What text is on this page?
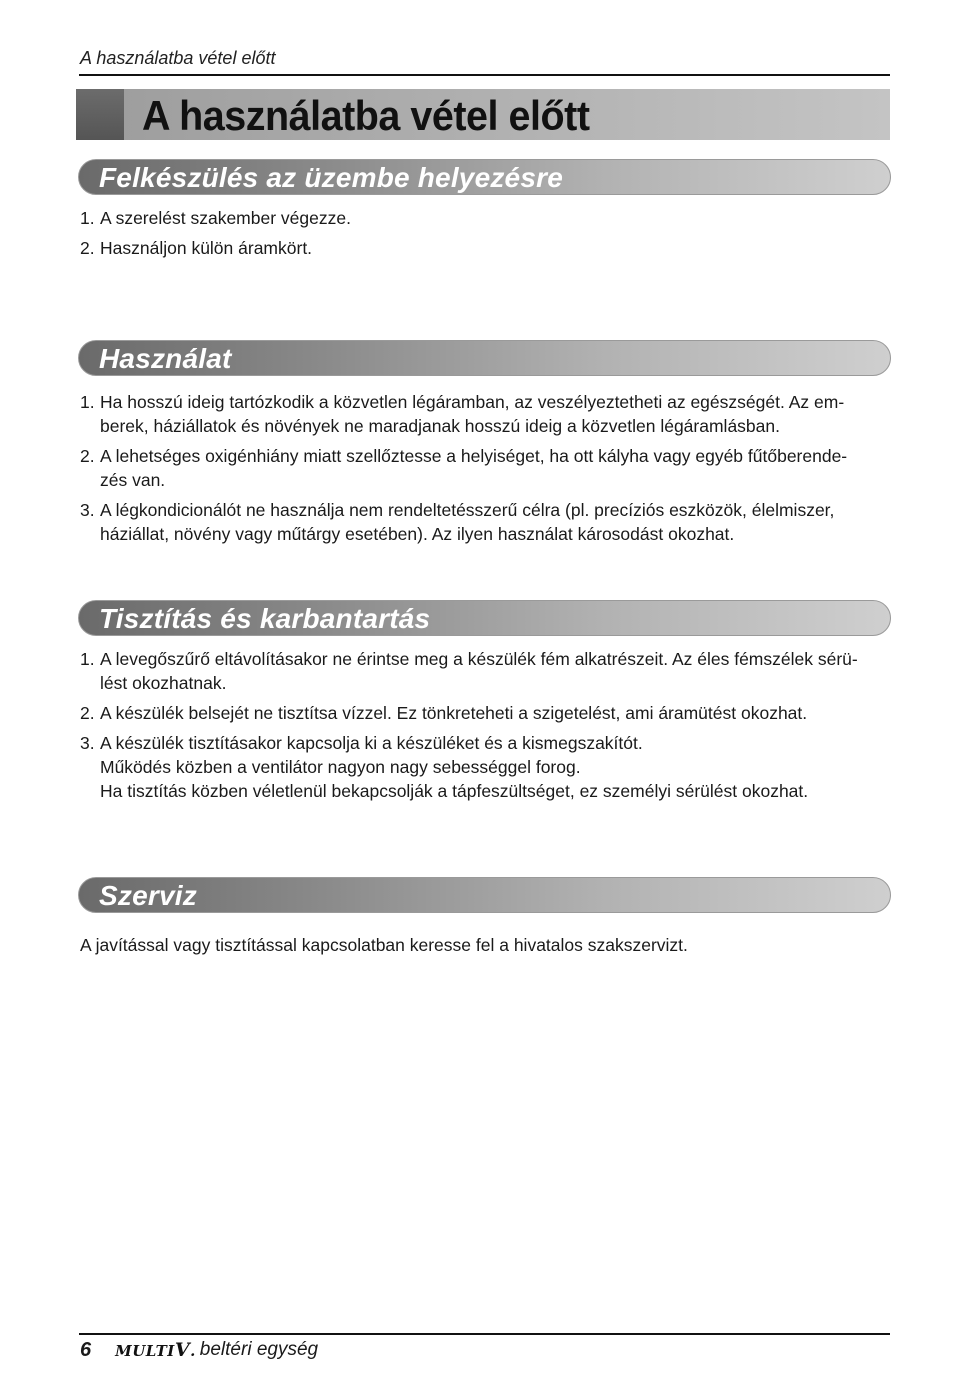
A használatba vétel előtt
A használatba vétel előtt
Felkészülés az üzembe helyezésre
1. A szerelést szakember végezze.
2. Használjon külön áramkört.
Használat
1. Ha hosszú ideig tartózkodik a közvetlen légáramban, az veszélyeztetheti az egészségét. Az em-
berek, háziállatok és növények ne maradjanak hosszú ideig a közvetlen légáramlásban.
2. A lehetséges oxigénhiány miatt szellőztesse a helyiséget, ha ott kályha vagy egyéb fűtőberende-
zés van.
3. A légkondicionálót ne használja nem rendeltetésszerű célra (pl. precíziós eszközök, élelmiszer,
háziállat, növény vagy műtárgy esetében). Az ilyen használat károsodást okozhat.
Tisztítás és karbantartás
1. A levegőszűrő eltávolításakor ne érintse meg a készülék fém alkatrészeit. Az éles fémszélek sérü-
lést okozhatnak.
2. A készülék belsejét ne tisztítsa vízzel. Ez tönkreteheti a szigetelést, ami áramütést okozhat.
3. A készülék tisztításakor kapcsolja ki a készüléket és a kismegszakítót.
Működés közben a ventilátor nagyon nagy sebességgel forog.
Ha tisztítás közben véletlenül bekapcsolják a tápfeszültséget, ez személyi sérülést okozhat.
Szerviz
A javítással vagy tisztítással kapcsolatban keresse fel a hivatalos szakszervizt.
6 MULTIV. beltéri egység
